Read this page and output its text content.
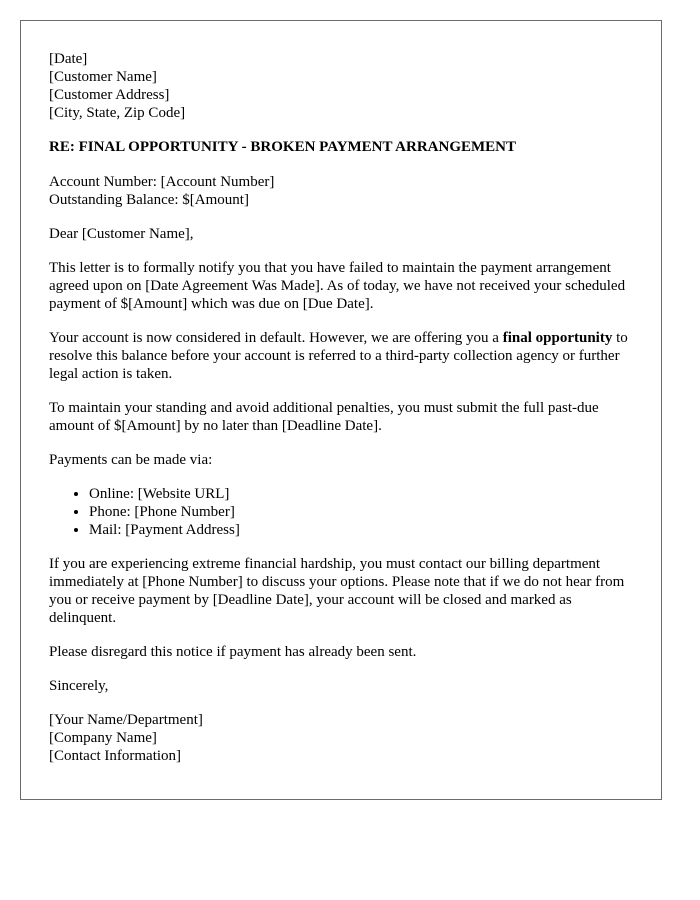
[Date]
[Customer Name]
[Customer Address]
[City, State, Zip Code]
RE: FINAL OPPORTUNITY - BROKEN PAYMENT ARRANGEMENT
Account Number: [Account Number]
Outstanding Balance: $[Amount]

Dear [Customer Name],

This letter is to formally notify you that you have failed to maintain the payment arrangement agreed upon on [Date Agreement Was Made]. As of today, we have not received your scheduled payment of $[Amount] which was due on [Due Date].

Your account is now considered in default. However, we are offering you a final opportunity to resolve this balance before your account is referred to a third-party collection agency or further legal action is taken.

To maintain your standing and avoid additional penalties, you must submit the full past-due amount of $[Amount] by no later than [Deadline Date].

Payments can be made via:

• Online: [Website URL]
• Phone: [Phone Number]
• Mail: [Payment Address]

If you are experiencing extreme financial hardship, you must contact our billing department immediately at [Phone Number] to discuss your options. Please note that if we do not hear from you or receive payment by [Deadline Date], your account will be closed and marked as delinquent.

Please disregard this notice if payment has already been sent.

Sincerely,

[Your Name/Department]
[Company Name]
[Contact Information]
